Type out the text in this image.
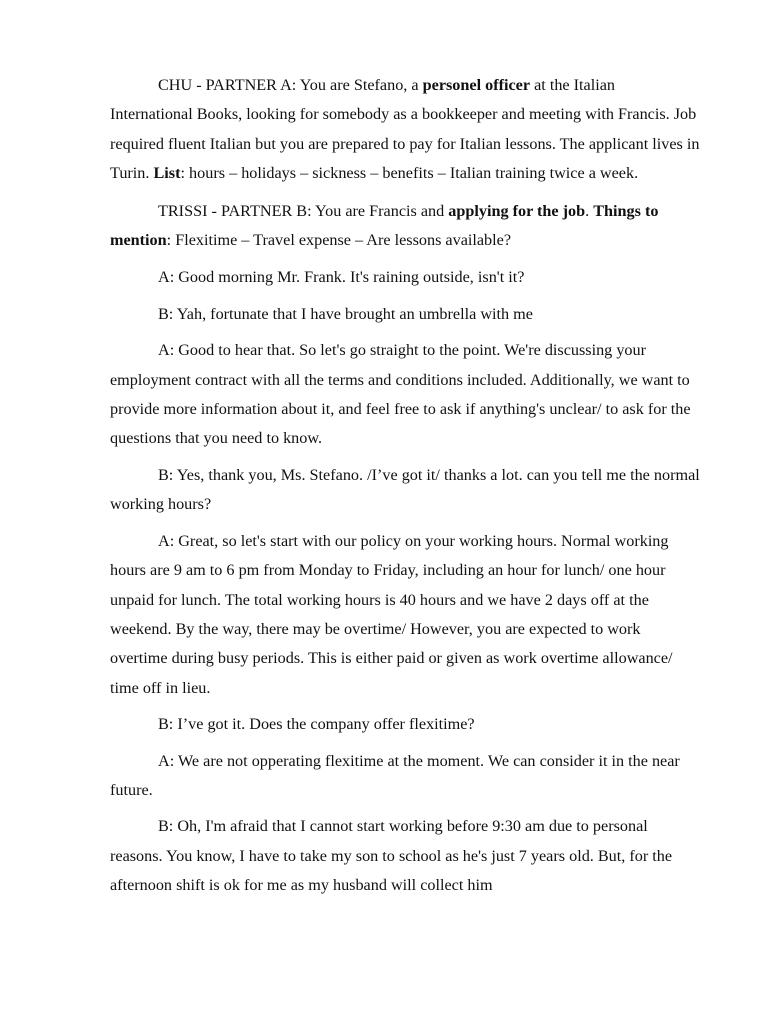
CHU - PARTNER A: You are Stefano, a personel officer at the Italian International Books, looking for somebody as a bookkeeper and meeting with Francis. Job required fluent Italian but you are prepared to pay for Italian lessons. The applicant lives in Turin. List: hours – holidays – sickness – benefits – Italian training twice a week.

TRISSI - PARTNER B: You are Francis and applying for the job. Things to mention: Flexitime – Travel expense – Are lessons available?

A: Good morning Mr. Frank. It's raining outside, isn't it?

B: Yah, fortunate that I have brought an umbrella with me

A: Good to hear that. So let's go straight to the point. We're discussing your employment contract with all the terms and conditions included. Additionally, we want to provide more information about it, and feel free to ask if anything's unclear/ to ask for the questions that you need to know.

B: Yes, thank you, Ms. Stefano. /I’ve got it/ thanks a lot. can you tell me the normal working hours?

A: Great, so let's start with our policy on your working hours. Normal working hours are 9 am to 6 pm from Monday to Friday, including an hour for lunch/ one hour unpaid for lunch. The total working hours is 40 hours and we have 2 days off at the weekend. By the way, there may be overtime/ However, you are expected to work overtime during busy periods. This is either paid or given as work overtime allowance/ time off in lieu.

B: I’ve got it. Does the company offer flexitime?

A: We are not opperating flexitime at the moment. We can consider it in the near future.

B: Oh, I'm afraid that I cannot start working before 9:30 am due to personal reasons. You know, I have to take my son to school as he's just 7 years old. But, for the afternoon shift is ok for me as my husband will collect him
